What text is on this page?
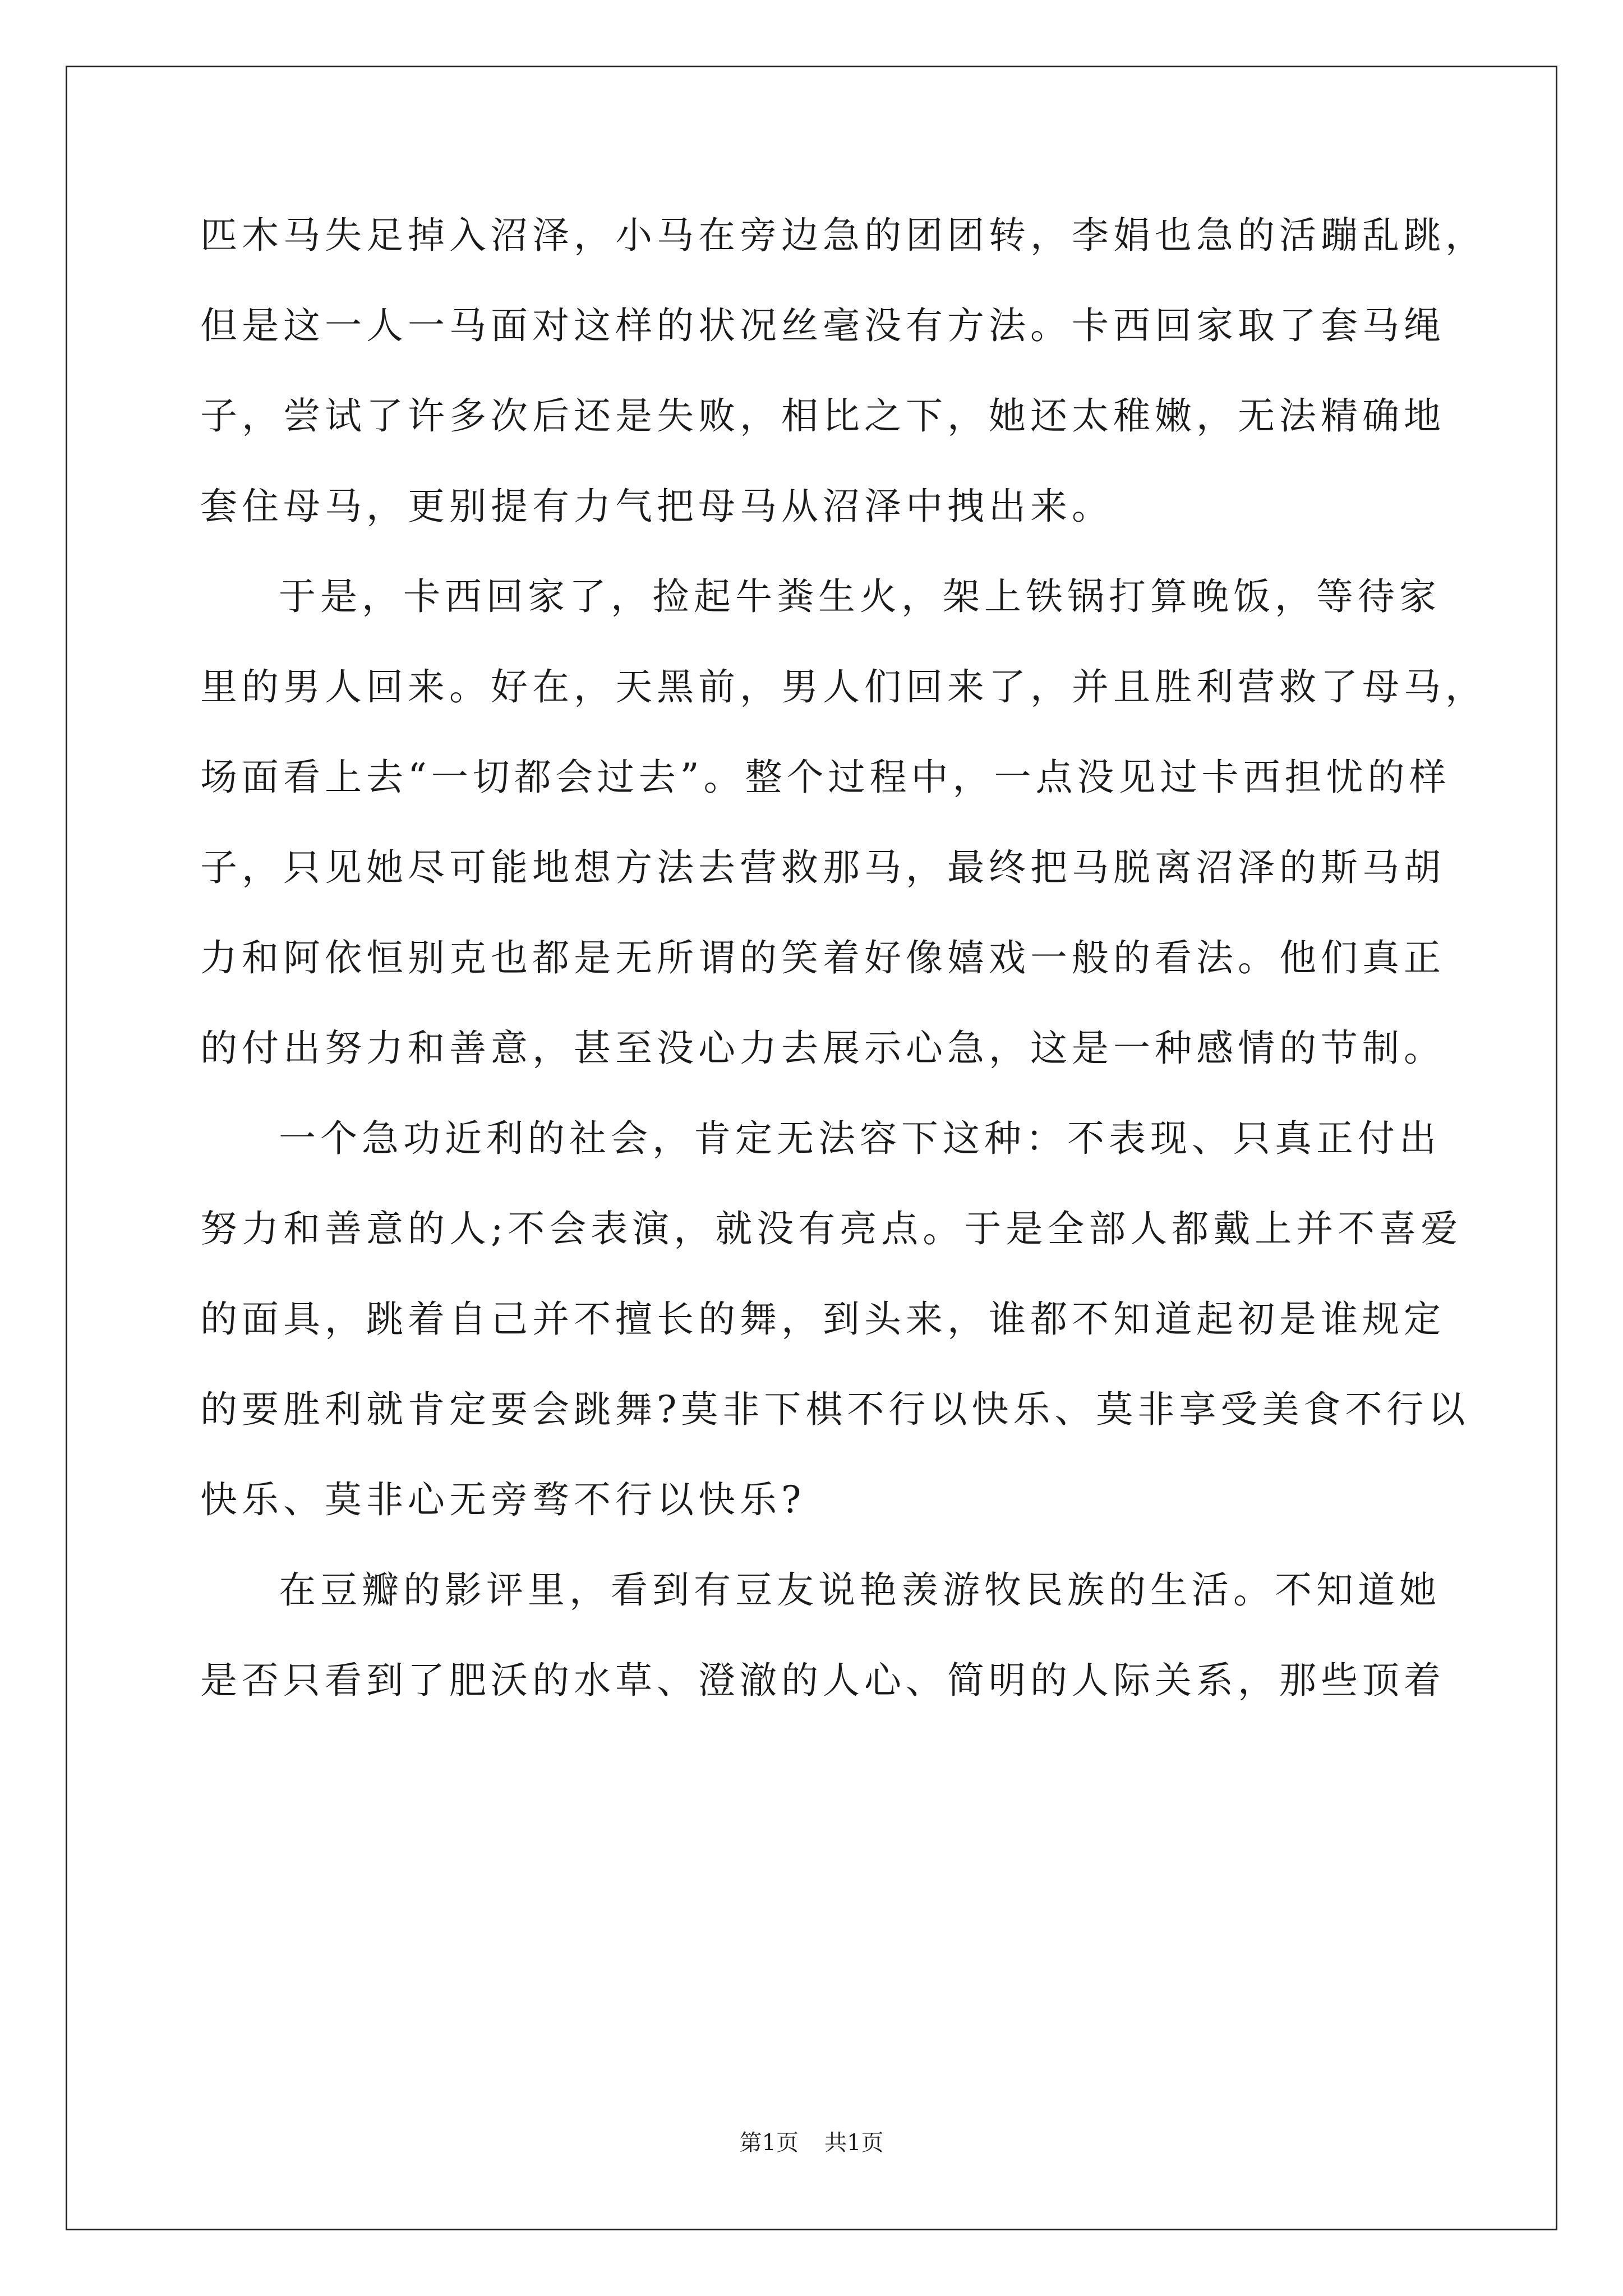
匹木马失足掉入沼泽，小马在旁边急的团团转，李娟也急的活蹦乱跳，
但是这一人一马面对这样的状况丝毫没有方法。卡西回家取了套马绳
子，尝试了许多次后还是失败，相比之下，她还太稚嫩，无法精确地
套住母马，更别提有力气把母马从沼泽中拽出来。
于是，卡西回家了，捡起牛粪生火，架上铁锅打算晚饭，等待家
里的男人回来。好在，天黑前，男人们回来了，并且胜利营救了母马，
场面看上去“一切都会过去”。整个过程中，一点没见过卡西担忧的样
子，只见她尽可能地想方法去营救那马，最终把马脱离沼泽的斯马胡
力和阿依恒别克也都是无所谓的笑着好像嬉戏一般的看法。他们真正
的付出努力和善意，甚至没心力去展示心急，这是一种感情的节制。
一个急功近利的社会，肯定无法容下这种：不表现、只真正付出
努力和善意的人;不会表演，就没有亮点。于是全部人都戴上并不喜爱
的面具，跳着自己并不擅长的舞，到头来，谁都不知道起初是谁规定
的要胜利就肯定要会跳舞?莫非下棋不行以快乐、莫非享受美食不行以
快乐、莫非心无旁骛不行以快乐?
在豆瓣的影评里，看到有豆友说艳羡游牧民族的生活。不知道她
是否只看到了肥沃的水草、澄澈的人心、简明的人际关系，那些顶着
第1页 共1页
